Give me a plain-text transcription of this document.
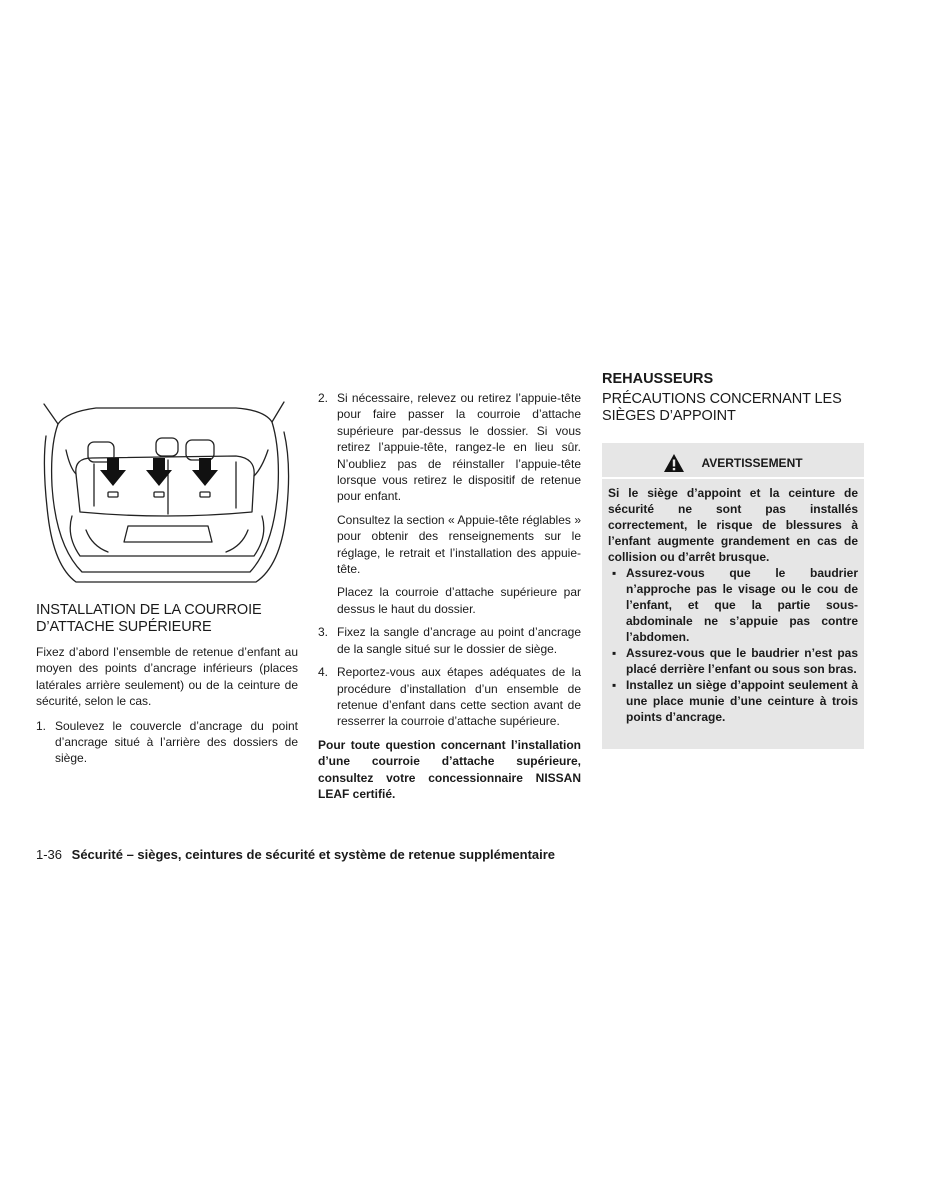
INSTALLATION DE LA COURROIE
D’ATTACHE SUPÉRIEURE

Fixez d’abord l’ensemble de retenue d’enfant au moyen des points d’ancrage inférieurs (places latérales arrière seulement) ou de la ceinture de sécurité, selon le cas.

1. Soulevez le couvercle d’ancrage du point d’ancrage situé à l’arrière des dossiers de siège.

2. Si nécessaire, relevez ou retirez l’appuie-tête pour faire passer la courroie d’attache supérieure par-dessus le dossier. Si vous retirez l’appuie-tête, rangez-le en lieu sûr. N’oubliez pas de réinstaller l’appuie-tête lorsque vous retirez le dispositif de retenue pour enfant.

Consultez la section « Appuie-tête réglables » pour obtenir des renseignements sur le réglage, le retrait et l’installation des appuie-tête.

Placez la courroie d’attache supérieure par dessus le haut du dossier.

3. Fixez la sangle d’ancrage au point d’ancrage de la sangle situé sur le dossier de siège.

4. Reportez-vous aux étapes adéquates de la procédure d’installation d’un ensemble de retenue d’enfant dans cette section avant de resserrer la courroie d’attache supérieure.

Pour toute question concernant l’installation d’une courroie d’attache supérieure, consultez votre concessionnaire NISSAN LEAF certifié.

REHAUSSEURS
PRÉCAUTIONS CONCERNANT LES
SIÈGES D’APPOINT
AVERTISSEMENT

Si le siège d’appoint et la ceinture de sécurité ne sont pas installés correctement, le risque de blessures à l’enfant augmente grandement en cas de collision ou d’arrêt brusque.

▪ Assurez-vous que le baudrier n’approche pas le visage ou le cou de l’enfant, et que la partie sous-abdominale ne s’appuie pas contre l’abdomen.

▪ Assurez-vous que le baudrier n’est pas placé derrière l’enfant ou sous son bras.

▪ Installez un siège d’appoint seulement à une place munie d’une ceinture à trois points d’ancrage.

1-36 Sécurité – sièges, ceintures de sécurité et système de retenue supplémentaire
